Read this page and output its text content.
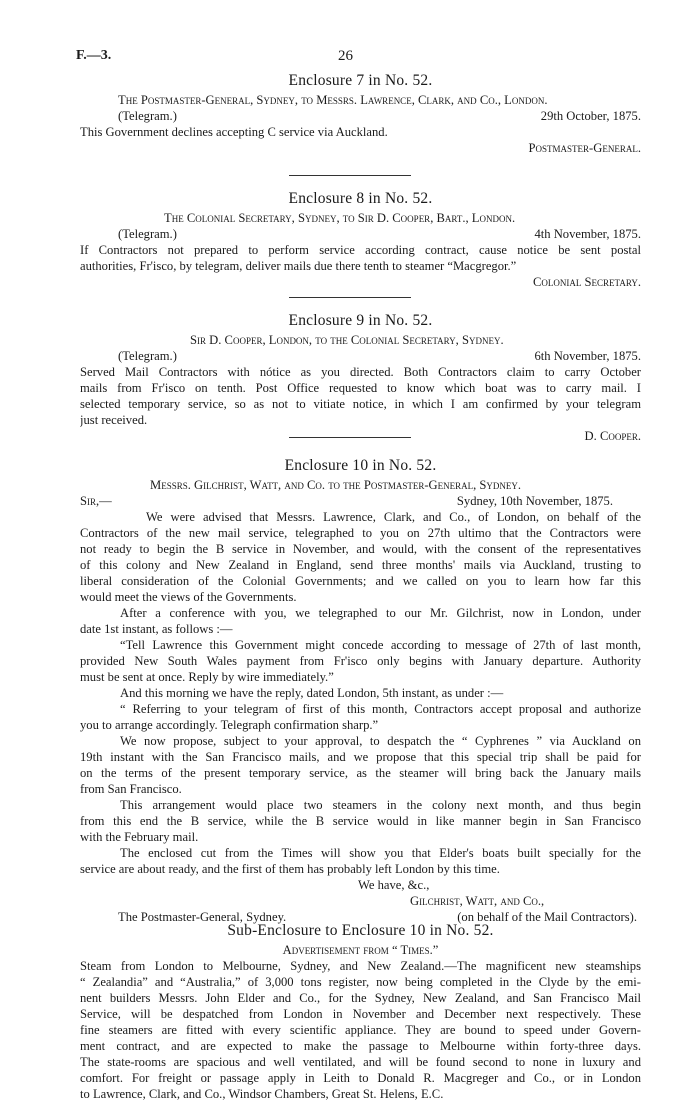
F.—3.	26
Enclosure 7 in No. 52.
The Postmaster-General, Sydney, to Messrs. Lawrence, Clark, and Co., London.
(Telegram.)	29th October, 1875.
This Government declines accepting C service via Auckland.
Postmaster-General.
Enclosure 8 in No. 52.
The Colonial Secretary, Sydney, to Sir D. Cooper, Bart., London.
(Telegram.)	4th November, 1875.
If Contractors not prepared to perform service according contract, cause notice be sent postal
authorities, Fr'isco, by telegram, deliver mails due there tenth to steamer “Macgregor.”
Colonial Secretary.
Enclosure 9 in No. 52.
Sir D. Cooper, London, to the Colonial Secretary, Sydney.
(Telegram.)	6th November, 1875.
Served Mail Contractors with nótice as you directed. Both Contractors claim to carry October
mails from Fr'isco on tenth. Post Office requested to know which boat was to carry mail. I
selected temporary service, so as not to vitiate notice, in which I am confirmed by your telegram
just received.
D. Cooper.
Enclosure 10 in No. 52.
Messrs. Gilchrist, Watt, and Co. to the Postmaster-General, Sydney.
Sir,—	Sydney, 10th November, 1875.
We were advised that Messrs. Lawrence, Clark, and Co., of London, on behalf of the
Contractors of the new mail service, telegraphed to you on 27th ultimo that the Contractors were
not ready to begin the B service in November, and would, with the consent of the representatives
of this colony and New Zealand in England, send three months' mails via Auckland, trusting to
liberal consideration of the Colonial Governments; and we called on you to learn how far this
would meet the views of the Governments.
After a conference with you, we telegraphed to our Mr. Gilchrist, now in London, under
date 1st instant, as follows :—
“Tell Lawrence this Government might concede according to message of 27th of last month,
provided New South Wales payment from Fr'isco only begins with January departure. Authority
must be sent at once. Reply by wire immediately.”
And this morning we have the reply, dated London, 5th instant, as under :—
“ Referring to your telegram of first of this month, Contractors accept proposal and authorize
you to arrange accordingly. Telegraph confirmation sharp.”
We now propose, subject to your approval, to despatch the “ Cyphrenes ” via Auckland on
19th instant with the San Francisco mails, and we propose that this special trip shall be paid for
on the terms of the present temporary service, as the steamer will bring back the January mails
from San Francisco.
This arrangement would place two steamers in the colony next month, and thus begin
from this end the B service, while the B service would in like manner begin in San Francisco
with the February mail.
The enclosed cut from the Times will show you that Elder's boats built specially for the
service are about ready, and the first of them has probably left London by this time.
We have, &c.,
Gilchrist, Watt, and Co.,
The Postmaster-General, Sydney.	(on behalf of the Mail Contractors).
Sub-Enclosure to Enclosure 10 in No. 52.
Advertisement from “ Times.”
Steam from London to Melbourne, Sydney, and New Zealand.—The magnificent new steamships
“ Zealandia” and “Australia,” of 3,000 tons register, now being completed in the Clyde by the emi-
nent builders Messrs. John Elder and Co., for the Sydney, New Zealand, and San Francisco Mail
Service, will be despatched from London in November and December next respectively. These
fine steamers are fitted with every scientific appliance. They are bound to speed under Govern-
ment contract, and are expected to make the passage to Melbourne within forty-three days.
The state-rooms are spacious and well ventilated, and will be found second to none in luxury and
comfort. For freight or passage apply in Leith to Donald R. Macgreger and Co., or in London
to Lawrence, Clark, and Co., Windsor Chambers, Great St. Helens, E.C.
